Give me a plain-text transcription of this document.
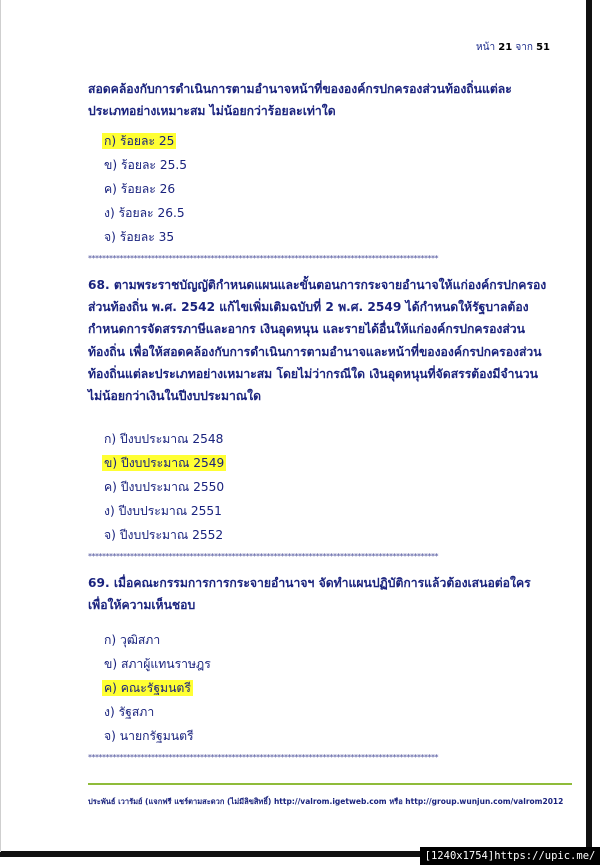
หน้า 21 จาก 51
สอดคล้องกับการดำเนินการตามอำนาจหน้าที่ขององค์กรปกครองส่วนท้องถิ่นแต่ละ
ประเภทอย่างเหมาะสม ไม่น้อยกว่าร้อยละเท่าใด
ก) ร้อยละ 25
ข) ร้อยละ 25.5
ค) ร้อยละ 26
ง) ร้อยละ 26.5
จ) ร้อยละ 35
****************************************************************************************************
68. ตามพระราชบัญญัติกำหนดแผนและขั้นตอนการกระจายอำนาจให้แก่องค์กรปกครอง
ส่วนท้องถิ่น พ.ศ. 2542 แก้ไขเพิ่มเติมฉบับที่ 2 พ.ศ. 2549 ได้กำหนดให้รัฐบาลต้อง
กำหนดการจัดสรรภาษีและอากร เงินอุดหนุน และรายได้อื่นให้แก่องค์กรปกครองส่วน
ท้องถิ่น เพื่อให้สอดคล้องกับการดำเนินการตามอำนาจและหน้าที่ขององค์กรปกครองส่วน
ท้องถิ่นแต่ละประเภทอย่างเหมาะสม โดยไม่ว่ากรณีใด เงินอุดหนุนที่จัดสรรต้องมีจำนวน
ไม่น้อยกว่าเงินในปีงบประมาณใด
ก) ปีงบประมาณ 2548
ข) ปีงบประมาณ 2549
ค) ปีงบประมาณ 2550
ง) ปีงบประมาณ 2551
จ) ปีงบประมาณ 2552
****************************************************************************************************
69. เมื่อคณะกรรมการการกระจายอำนาจฯ จัดทำแผนปฏิบัติการแล้วต้องเสนอต่อใคร
เพื่อให้ความเห็นชอบ
ก) วุฒิสภา
ข) สภาผู้แทนราษฎร
ค) คณะรัฐมนตรี
ง) รัฐสภา
จ) นายกรัฐมนตรี
****************************************************************************************************
ประพันธ์ เวารัมย์ (แจกฟรี แชร์ตามสะดวก (ไม่มีลิขสิทธิ์) http://valrom.igetweb.com หรือ http://group.wunjun.com/valrom2012
[1240x1754]https://upic.me/
